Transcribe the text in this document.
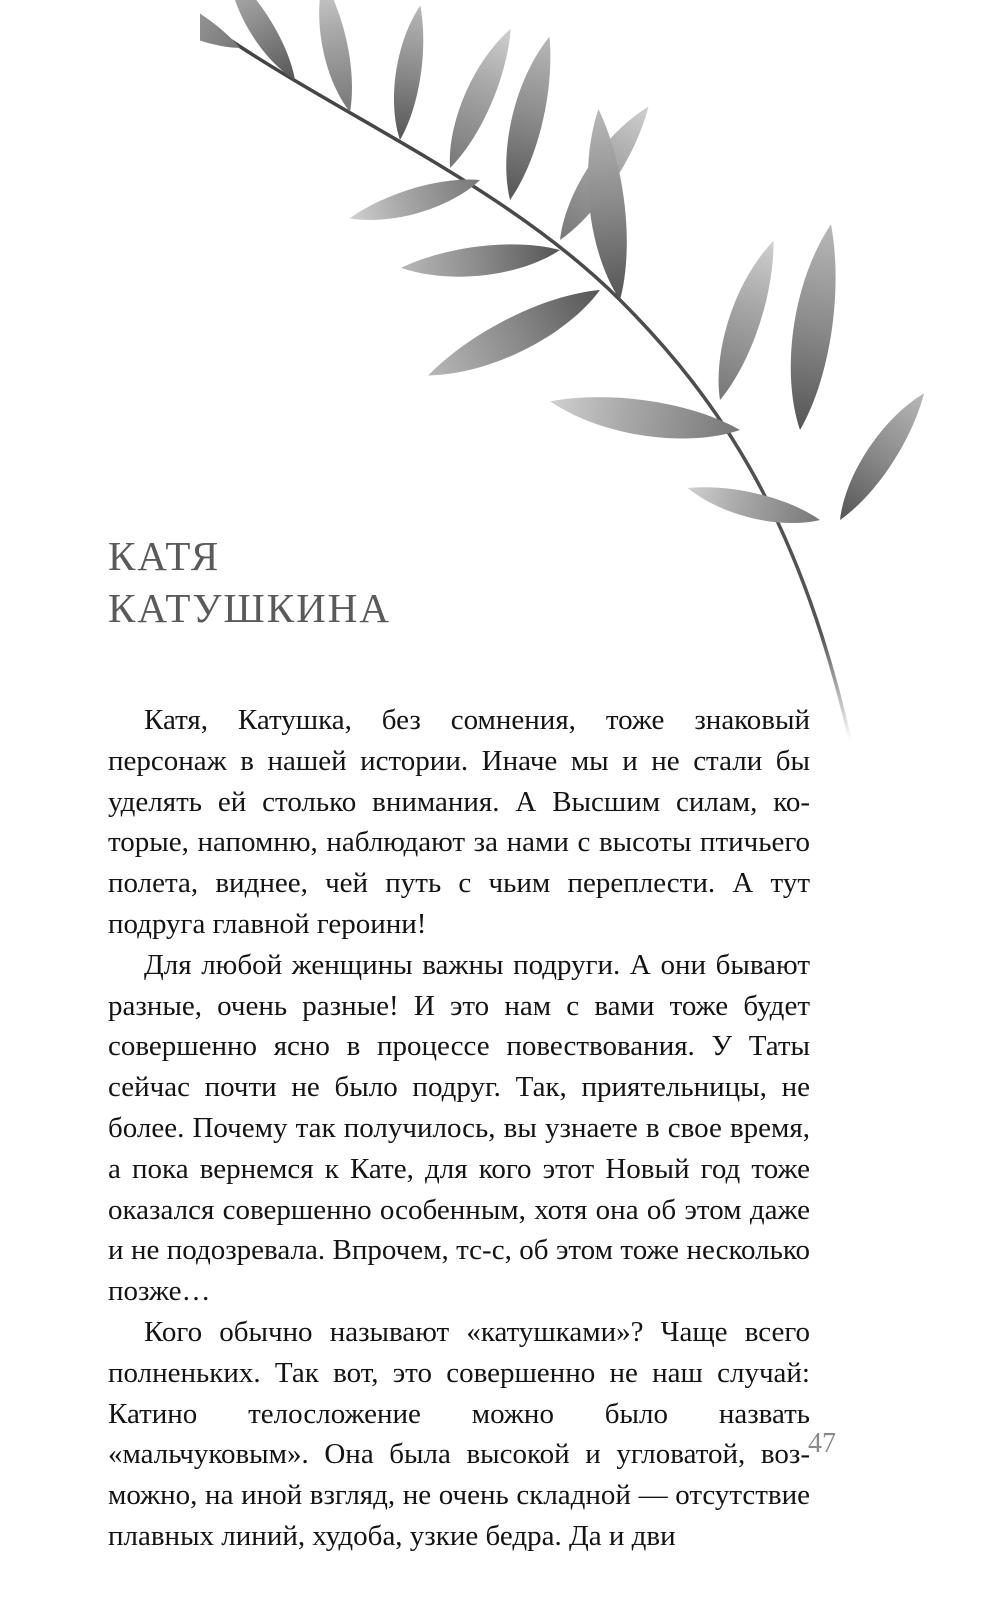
КАТЯ
КАТУШКИНА

Катя, Катушка, без сомнения, тоже знаковый персонаж в нашей истории. Иначе мы и не стали бы уделять ей столько внимания. А Высшим силам, которые, напомню, наблюдают за нами с высоты птичьего полета, виднее, чей путь с чьим переплести. А тут подруга главной героини!

Для любой женщины важны подруги. А они бывают разные, очень разные! И это нам с вами тоже будет совершенно ясно в процессе повествования. У Таты сейчас почти не было подруг. Так, приятельницы, не более. Почему так получилось, вы узнаете в свое время, а пока вернемся к Кате, для кого этот Новый год тоже оказался совершенно особенным, хотя она об этом даже и не подозревала. Впрочем, тс-с, об этом тоже несколько позже…

Кого обычно называют «катушками»? Чаще всего полненьких. Так вот, это совершенно не наш случай: Катино телосложение можно было назвать «мальчуковым». Она была высокой и угловатой, возможно, на иной взгляд, не очень складной — отсутствие плавных линий, худоба, узкие бедра. Да и дви

47
